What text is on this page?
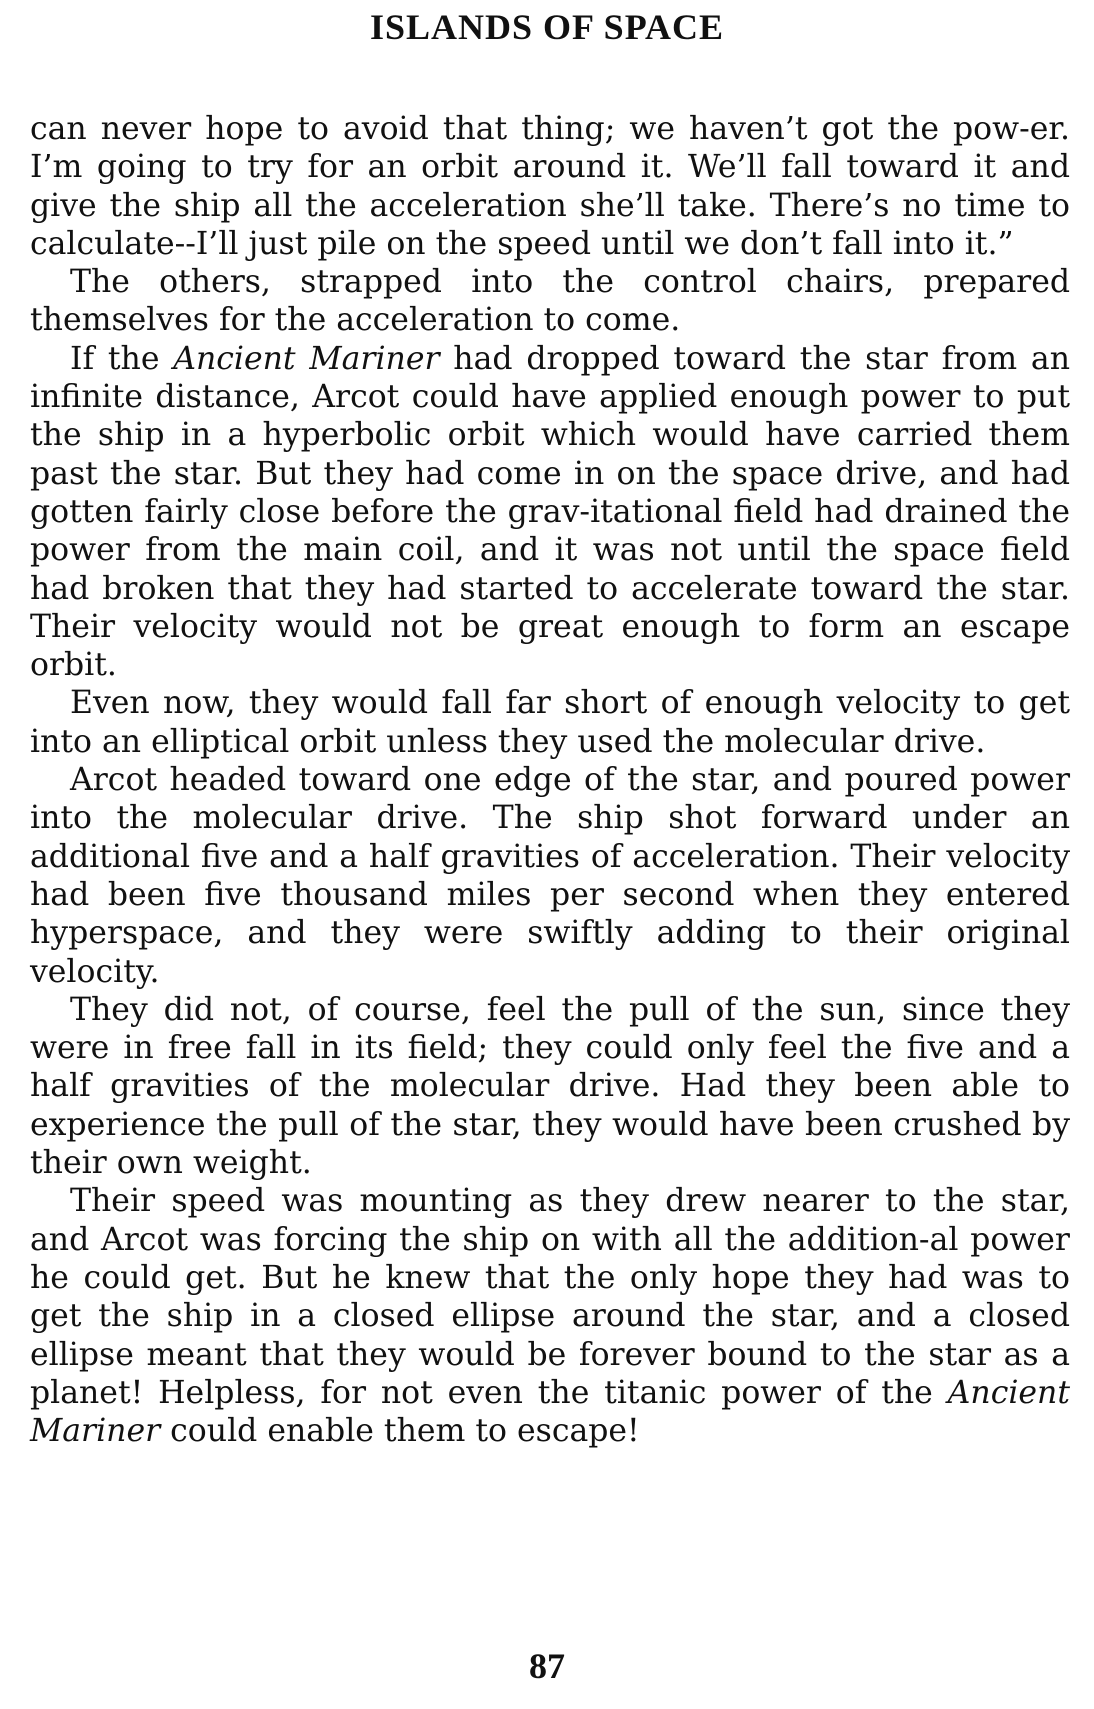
ISLANDS OF SPACE

can never hope to avoid that thing; we haven’t got the pow-er. I’m going to try for an orbit around it. We’ll fall toward it and give the ship all the acceleration she’ll take. There’s no time to calculate--I’ll just pile on the speed until we don’t fall into it.”

The others, strapped into the control chairs, prepared themselves for the acceleration to come.

If the Ancient Mariner had dropped toward the star from an infinite distance, Arcot could have applied enough power to put the ship in a hyperbolic orbit which would have carried them past the star. But they had come in on the space drive, and had gotten fairly close before the grav-itational field had drained the power from the main coil, and it was not until the space field had broken that they had started to accelerate toward the star. Their velocity would not be great enough to form an escape orbit.

Even now, they would fall far short of enough velocity to get into an elliptical orbit unless they used the molecular drive.

Arcot headed toward one edge of the star, and poured power into the molecular drive. The ship shot forward under an additional five and a half gravities of acceleration. Their velocity had been five thousand miles per second when they entered hyperspace, and they were swiftly adding to their original velocity.

They did not, of course, feel the pull of the sun, since they were in free fall in its field; they could only feel the five and a half gravities of the molecular drive. Had they been able to experience the pull of the star, they would have been crushed by their own weight.

Their speed was mounting as they drew nearer to the star, and Arcot was forcing the ship on with all the addition-al power he could get. But he knew that the only hope they had was to get the ship in a closed ellipse around the star, and a closed ellipse meant that they would be forever bound to the star as a planet! Helpless, for not even the titanic power of the Ancient Mariner could enable them to escape!

87
